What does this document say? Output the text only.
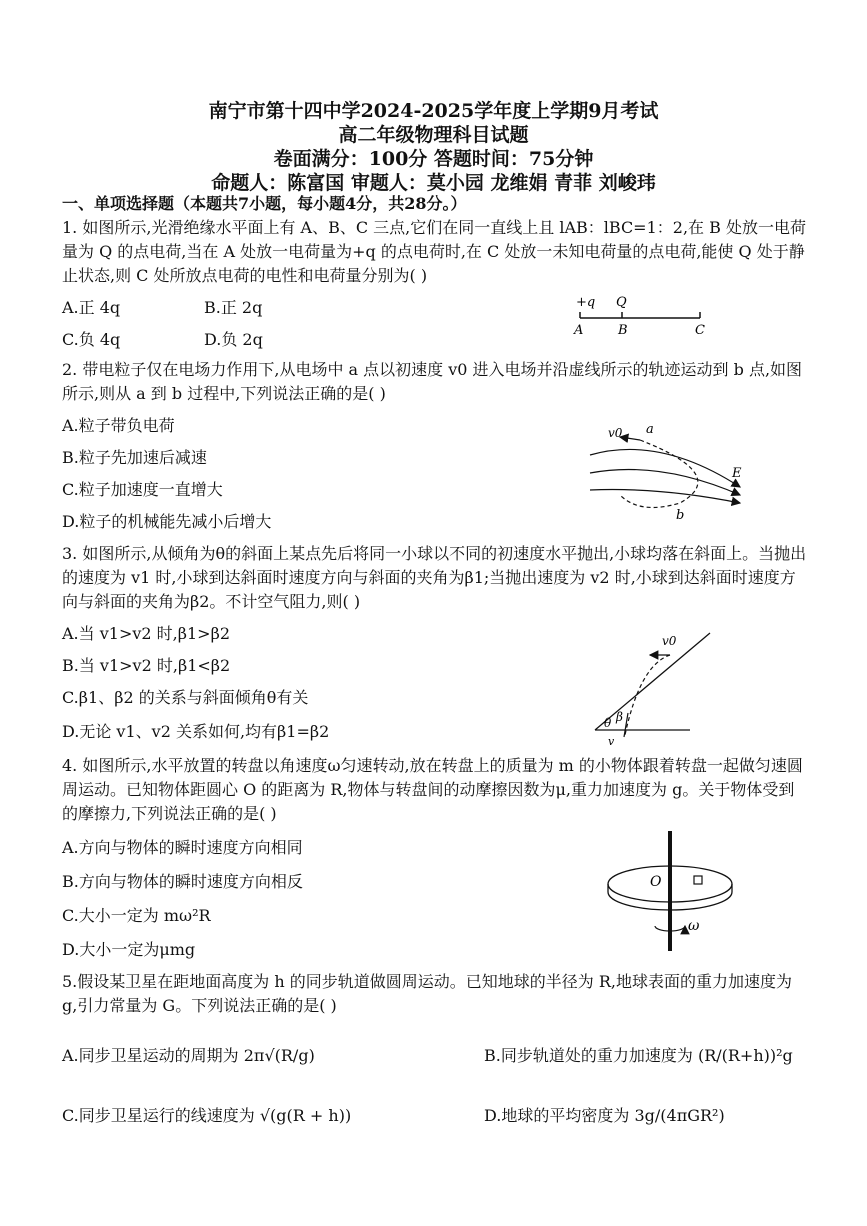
南宁市第十四中学2024-2025学年度上学期9月考试
高二年级物理科目试题
卷面满分：100分 答题时间：75分钟
命题人：陈富国 审题人：莫小园 龙维娟 青菲 刘峻玮
一、单项选择题（本题共7小题，每小题4分，共28分。）
1. 如图所示,光滑绝缘水平面上有 A、B、C 三点,它们在同一直线上且 lAB：lBC=1：2,在 B 处放一电荷量为 Q 的点电荷,当在 A 处放一电荷量为+q 的点电荷时,在 C 处放一未知电荷量的点电荷,能使 Q 处于静止状态,则 C 处所放点电荷的电性和电荷量分别为( )
A.正 4q	B.正 2q
C.负 4q	D.负 2q
+q Q
A	B	C
2. 带电粒子仅在电场力作用下,从电场中 a 点以初速度 v0 进入电场并沿虚线所示的轨迹运动到 b 点,如图所示,则从 a 到 b 过程中,下列说法正确的是( )
A.粒子带负电荷
B.粒子先加速后减速
C.粒子加速度一直增大
D.粒子的机械能先减小后增大
v0 a
E
b
3. 如图所示,从倾角为θ的斜面上某点先后将同一小球以不同的初速度水平抛出,小球均落在斜面上。当抛出的速度为 v1 时,小球到达斜面时速度方向与斜面的夹角为β1;当抛出速度为 v2 时,小球到达斜面时速度方向与斜面的夹角为β2。不计空气阻力,则( )
A.当 v1>v2 时,β1>β2
B.当 v1>v2 时,β1<β2
C.β1、β2 的关系与斜面倾角θ有关
D.无论 v1、v2 关系如何,均有β1=β2
v0
β
θ
v
4. 如图所示,水平放置的转盘以角速度ω匀速转动,放在转盘上的质量为 m 的小物体跟着转盘一起做匀速圆周运动。已知物体距圆心 O 的距离为 R,物体与转盘间的动摩擦因数为μ,重力加速度为 g。关于物体受到的摩擦力,下列说法正确的是( )
A.方向与物体的瞬时速度方向相同
B.方向与物体的瞬时速度方向相反
C.大小一定为 mω²R
D.大小一定为μmg
O
ω
5.假设某卫星在距地面高度为 h 的同步轨道做圆周运动。已知地球的半径为 R,地球表面的重力加速度为 g,引力常量为 G。下列说法正确的是( )
A.同步卫星运动的周期为 2π√(R/g)	B.同步轨道处的重力加速度为 (R/(R+h))²g
C.同步卫星运行的线速度为 √(g(R + h))	D.地球的平均密度为 3g/(4πGR²)
